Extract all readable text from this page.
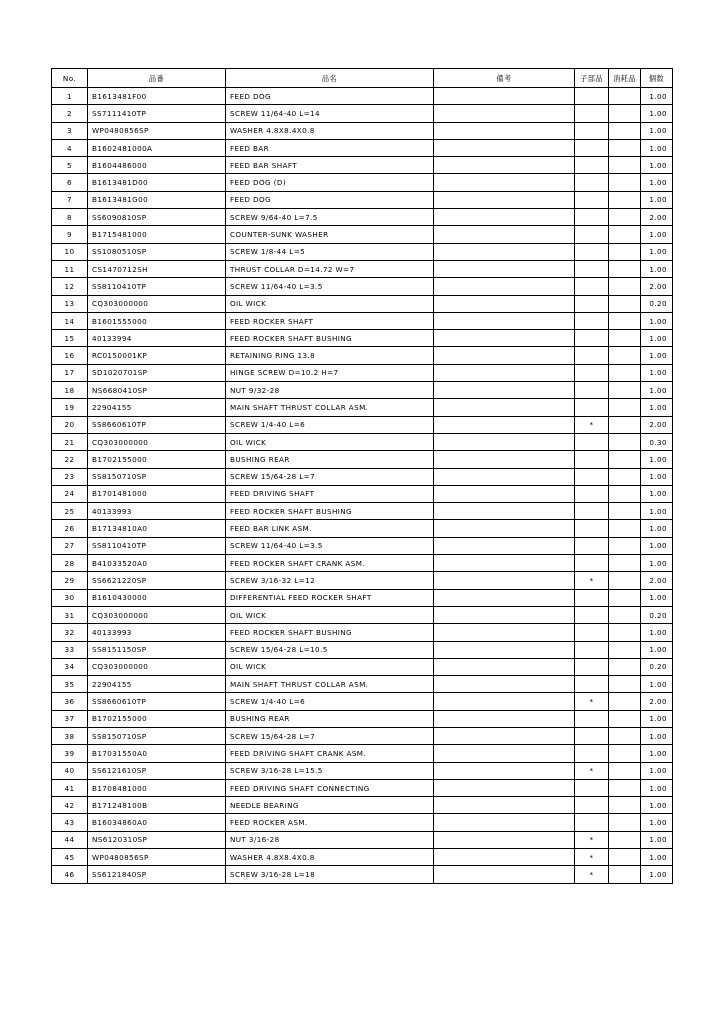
No.	品番	品名	備考	子部品	消耗品	個数
1	B1613481F00	FEED DOG				1.00
2	SS7111410TP	SCREW 11/64-40 L=14				1.00
3	WP0480856SP	WASHER 4.8X8.4X0.8				1.00
4	B1602481000A	FEED BAR				1.00
5	B1604486000	FEED BAR SHAFT				1.00
6	B1613481D00	FEED DOG (D)				1.00
7	B1613481G00	FEED DOG				1.00
8	SS6090810SP	SCREW 9/64-40 L=7.5				2.00
9	B1715481000	COUNTER-SUNK WASHER				1.00
10	SS1080510SP	SCREW 1/8-44 L=5				1.00
11	CS1470712SH	THRUST COLLAR D=14.72 W=7				1.00
12	SS8110410TP	SCREW 11/64-40 L=3.5				2.00
13	CQ303000000	OIL WICK				0.20
14	B1601555000	FEED ROCKER SHAFT				1.00
15	40133994	FEED ROCKER SHAFT BUSHING				1.00
16	RC0150001KP	RETAINING RING 13.8				1.00
17	SD1020701SP	HINGE SCREW D=10.2 H=7				1.00
18	NS6680410SP	NUT 9/32-28				1.00
19	22904155	MAIN SHAFT THRUST COLLAR ASM.				1.00
20	SS8660610TP	SCREW 1/4-40 L=6		*		2.00
21	CQ303000000	OIL WICK				0.30
22	B1702155000	BUSHING REAR				1.00
23	SS8150710SP	SCREW 15/64-28 L=7				1.00
24	B1701481000	FEED DRIVING SHAFT				1.00
25	40133993	FEED ROCKER SHAFT BUSHING				1.00
26	B17134810A0	FEED BAR LINK ASM.				1.00
27	SS8110410TP	SCREW 11/64-40 L=3.5				1.00
28	B41033520A0	FEED ROCKER SHAFT CRANK ASM.				1.00
29	SS6621220SP	SCREW 3/16-32 L=12		*		2.00
30	B1610430000	DIFFERENTIAL FEED ROCKER SHAFT				1.00
31	CQ303000000	OIL WICK				0.20
32	40133993	FEED ROCKER SHAFT BUSHING				1.00
33	SS8151150SP	SCREW 15/64-28 L=10.5				1.00
34	CQ303000000	OIL WICK				0.20
35	22904155	MAIN SHAFT THRUST COLLAR ASM.				1.00
36	SS8660610TP	SCREW 1/4-40 L=6		*		2.00
37	B1702155000	BUSHING REAR				1.00
38	SS8150710SP	SCREW 15/64-28 L=7				1.00
39	B17031550A0	FEED DRIVING SHAFT CRANK ASM.				1.00
40	SS6121610SP	SCREW 3/16-28 L=15.5		*		1.00
41	B1708481000	FEED DRIVING SHAFT CONNECTING				1.00
42	B171248100B	NEEDLE BEARING				1.00
43	B16034860A0	FEED ROCKER ASM.				1.00
44	NS6120310SP	NUT 3/16-28		*		1.00
45	WP0480856SP	WASHER 4.8X8.4X0.8		*		1.00
46	SS6121840SP	SCREW 3/16-28 L=18		*		1.00
